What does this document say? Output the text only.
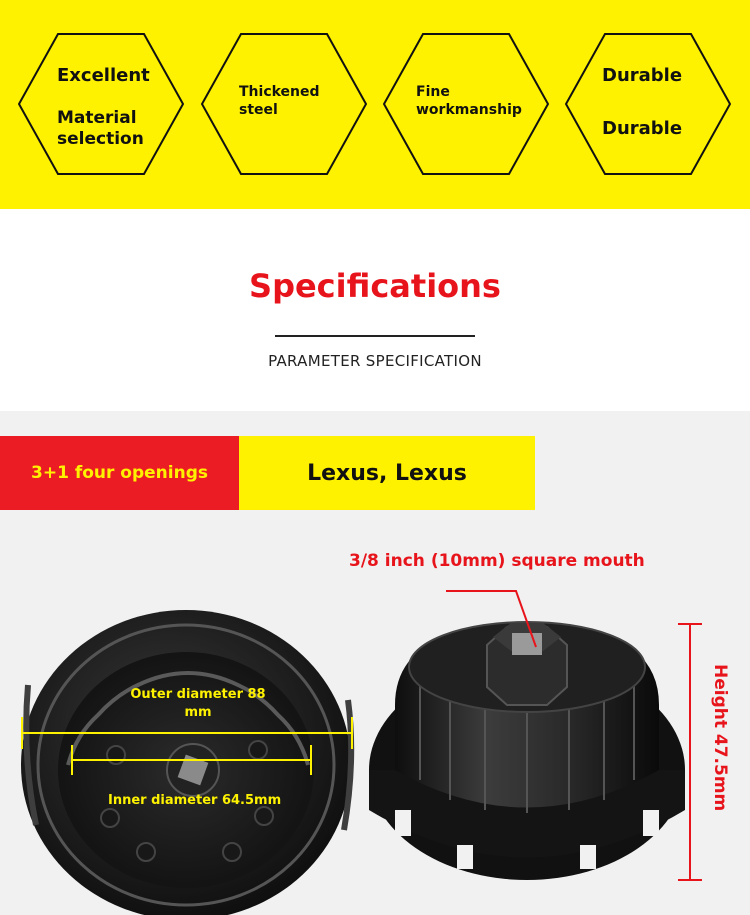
Excellent
Material
selection
Thickened
steel
Fine
workmanship
Durable
Durable
Specifications
PARAMETER SPECIFICATION
3+1 four openings	Lexus, Lexus
Outer diameter 88
mm
Inner diameter 64.5mm
3/8 inch (10mm) square mouth
Height 47.5mm
